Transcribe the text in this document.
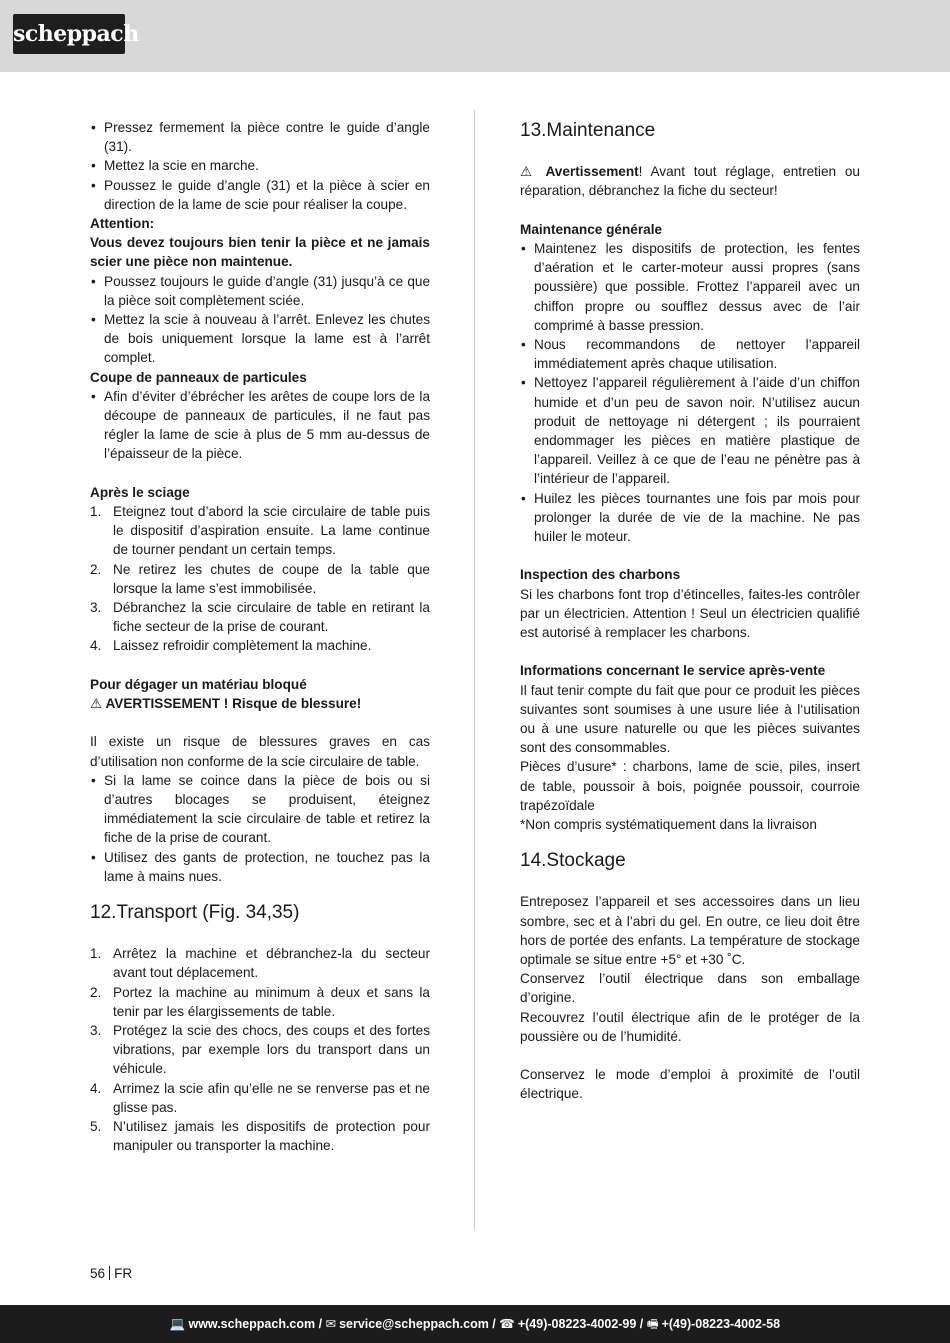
scheppach
• Pressez fermement la pièce contre le guide d’angle (31).
• Mettez la scie en marche.
• Poussez le guide d’angle (31) et la pièce à scier en direction de la lame de scie pour réaliser la coupe.

Attention:

Vous devez toujours bien tenir la pièce et ne jamais scier une pièce non maintenue.

• Poussez toujours le guide d’angle (31) jusqu’à ce que la pièce soit complètement sciée.
• Mettez la scie à nouveau à l’arrêt. Enlevez les chutes de bois uniquement lorsque la lame est à l’arrêt complet.

Coupe de panneaux de particules

• Afin d’éviter d’ébrécher les arêtes de coupe lors de la découpe de panneaux de particules, il ne faut pas régler la lame de scie à plus de 5 mm au-dessus de l’épaisseur de la pièce.

Après le sciage

1. Eteignez tout d’abord la scie circulaire de table puis le dispositif d’aspiration ensuite. La lame continue de tourner pendant un certain temps.
2. Ne retirez les chutes de coupe de la table que lorsque la lame s’est immobilisée.
3. Débranchez la scie circulaire de table en retirant la fiche secteur de la prise de courant.
4. Laissez refroidir complètement la machine.

Pour dégager un matériau bloqué

⚠ AVERTISSEMENT ! Risque de blessure!

Il existe un risque de blessures graves en cas d’utilisation non conforme de la scie circulaire de table.

• Si la lame se coince dans la pièce de bois ou si d’autres blocages se produisent, éteignez immédiatement la scie circulaire de table et retirez la fiche de la prise de courant.
• Utilisez des gants de protection, ne touchez pas la lame à mains nues.
12.Transport (Fig. 34,35)
1. Arrêtez la machine et débranchez-la du secteur avant tout déplacement.
2. Portez la machine au minimum à deux et sans la tenir par les élargissements de table.
3. Protégez la scie des chocs, des coups et des fortes vibrations, par exemple lors du transport dans un véhicule.
4. Arrimez la scie afin qu’elle ne se renverse pas et ne glisse pas.
5. N’utilisez jamais les dispositifs de protection pour manipuler ou transporter la machine.
13.Maintenance

⚠ Avertissement! Avant tout réglage, entretien ou réparation, débranchez la fiche du secteur!

Maintenance générale

• Maintenez les dispositifs de protection, les fentes d’aération et le carter-moteur aussi propres (sans poussière) que possible. Frottez l’appareil avec un chiffon propre ou soufflez dessus avec de l’air comprimé à basse pression.
• Nous recommandons de nettoyer l’appareil immédiatement après chaque utilisation.
• Nettoyez l’appareil régulièrement à l’aide d’un chiffon humide et d’un peu de savon noir. N’utilisez aucun produit de nettoyage ni détergent ; ils pourraient endommager les pièces en matière plastique de l’appareil. Veillez à ce que de l’eau ne pénètre pas à l’intérieur de l’appareil.
• Huilez les pièces tournantes une fois par mois pour prolonger la durée de vie de la machine. Ne pas huiler le moteur.

Inspection des charbons

Si les charbons font trop d’étincelles, faites-les contrôler par un électricien. Attention ! Seul un électricien qualifié est autorisé à remplacer les charbons.

Informations concernant le service après-vente

Il faut tenir compte du fait que pour ce produit les pièces suivantes sont soumises à une usure liée à l‘utilisation ou à une usure naturelle ou que les pièces suivantes sont des consommables.

Pièces d’usure* : charbons, lame de scie, piles, insert de table, poussoir à bois, poignée poussoir, courroie trapézoïdale

*Non compris systématiquement dans la livraison

14.Stockage

Entreposez l’appareil et ses accessoires dans un lieu sombre, sec et à l’abri du gel. En outre, ce lieu doit être hors de portée des enfants. La température de stockage optimale se situe entre +5° et +30 ˚C.

Conservez l’outil électrique dans son emballage d’origine.

Recouvrez l’outil électrique afin de le protéger de la poussière ou de l’humidité.

Conservez le mode d’emploi à proximité de l’outil électrique.

56 FR
💻 www.scheppach.com / ✉ service@scheppach.com / ☎ +(49)-08223-4002-99 / 🖷 +(49)-08223-4002-58
